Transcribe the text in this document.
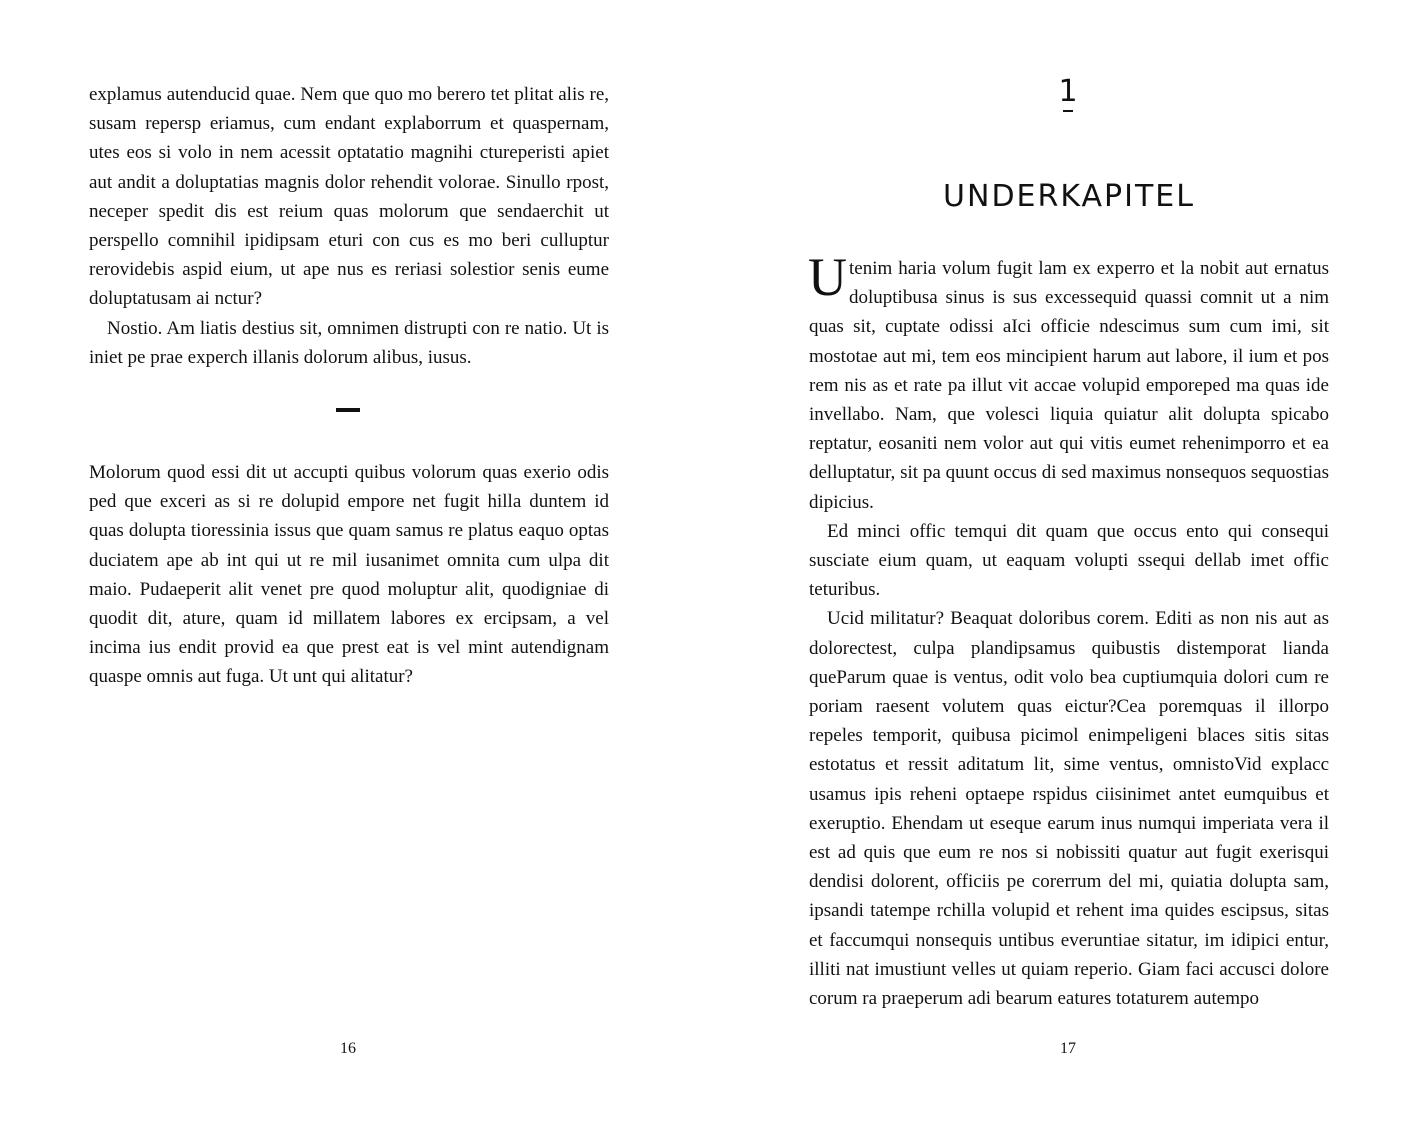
explamus autenducid quae. Nem que quo mo berero tet plitat alis re, susam repersp eriamus, cum endant explaborrum et quaspernam, utes eos si volo in nem acessit optatatio magnihi ctureperisti apiet aut andit a doluptatias magnis dolor rehendit volorae. Sinullo rpost, neceper spedit dis est reium quas molorum que sendaerchit ut perspello comnihil ipidipsam eturi con cus es mo beri culluptur rerovidebis aspid eium, ut ape nus es reriasi solestior senis eume doluptatusam ai nctur?

Nostio. Am liatis destius sit, omnimen distrupti con re natio. Ut is iniet pe prae experch illanis dolorum alibus, iusus.

Molorum quod essi dit ut accupti quibus volorum quas exerio odis ped que exceri as si re dolupid empore net fugit hilla duntem id quas dolupta tioressinia issus que quam samus re platus eaquo optas duciatem ape ab int qui ut re mil iusanimet omnita cum ulpa dit maio. Pudaeperit alit venet pre quod moluptur alit, quodigniae di quodit dit, ature, quam id millatem labores ex ercipsam, a vel incima ius endit provid ea que prest eat is vel mint autendignam quaspe omnis aut fuga. Ut unt qui alitatur?

16
1
UNDERKAPITEL

Utenim haria volum fugit lam ex experro et la nobit aut ernatus doluptibusa sinus is sus excessequid quassi comnit ut a nim quas sit, cuptate odissi aIci officie ndescimus sum cum imi, sit mostotae aut mi, tem eos mincipient harum aut labore, il ium et pos rem nis as et rate pa illut vit accae volupid emporeped ma quas ide invellabo. Nam, que volesci liquia quiatur alit dolupta spicabo reptatur, eosaniti nem volor aut qui vitis eumet rehenimporro et ea delluptatur, sit pa quunt occus di sed maximus nonsequos sequostias dipicius.

Ed minci offic temqui dit quam que occus ento qui consequi susciate eium quam, ut eaquam volupti ssequi dellab imet offic teturibus.

Ucid militatur? Beaquat doloribus corem. Editi as non nis aut as dolorectest, culpa plandipsamus quibustis distemporat lianda queParum quae is ventus, odit volo bea cuptiumquia dolori cum re poriam raesent volutem quas eictur?Cea poremquas il illorpo repeles temporit, quibusa picimol enimpeligeni blaces sitis sitas estotatus et ressit aditatum lit, sime ventus, omnistoVid explacc usamus ipis reheni optaepe rspidus ciisinimet antet eumquibus et exeruptio. Ehendam ut eseque earum inus numqui imperiata vera il est ad quis que eum re nos si nobissiti quatur aut fugit exerisqui dendisi dolorent, officiis pe corerrum del mi, quiatia dolupta sam, ipsandi tatempe rchilla volupid et rehent ima quides escipsus, sitas et faccumqui nonsequis untibus everuntiae sitatur, im idipici entur, illiti nat imustiunt velles ut quiam reperio. Giam faci accusci dolore corum ra praeperum adi bearum eatures totaturem autempo

17
